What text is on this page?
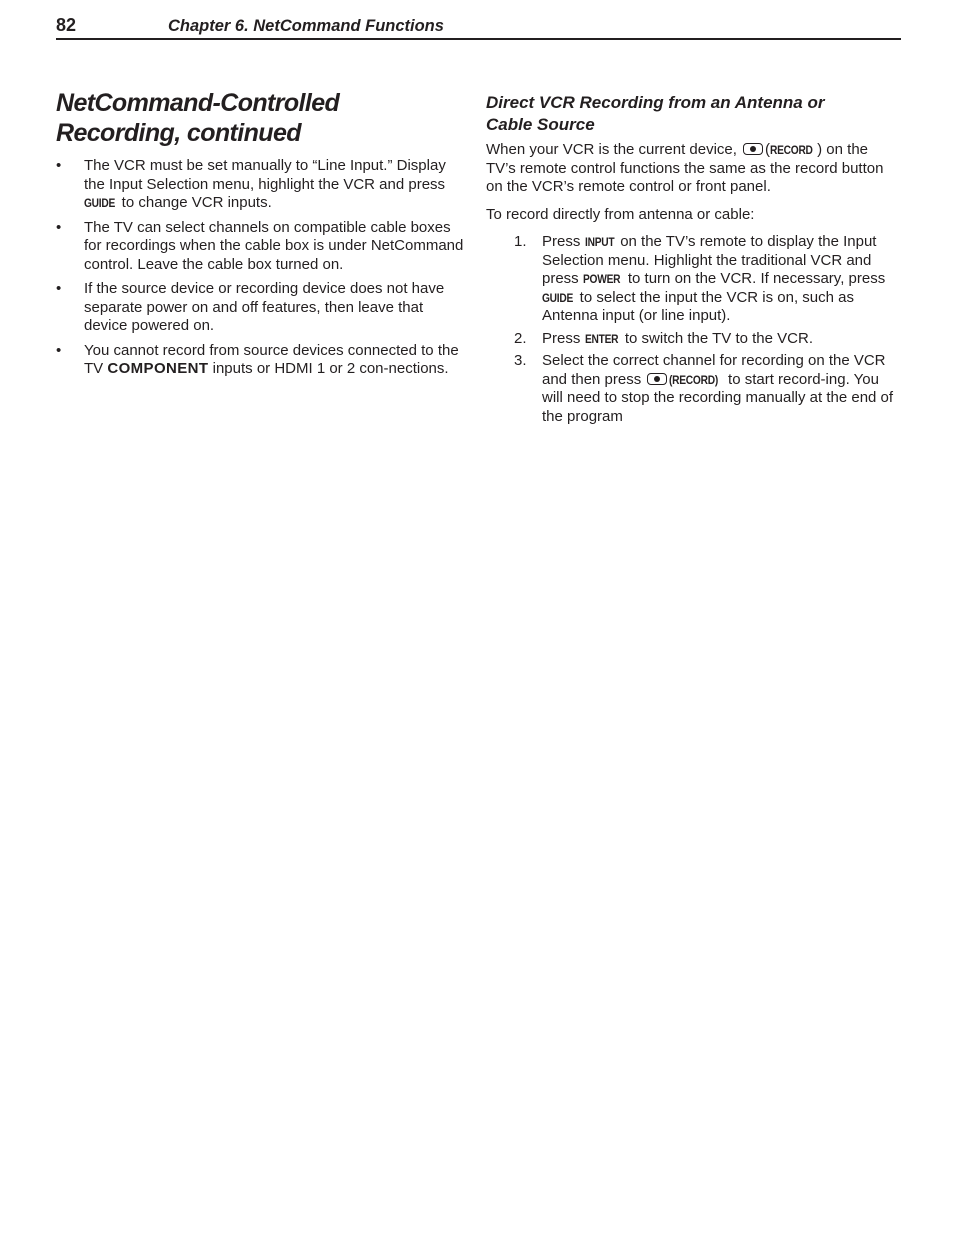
82	Chapter 6. NetCommand Functions
NetCommand-Controlled
Recording, continued
• The VCR must be set manually to “Line Input.” Display the Input Selection menu, highlight the VCR and press GUIDE to change VCR inputs.
• The TV can select channels on compatible cable boxes for recordings when the cable box is under NetCommand control. Leave the cable box turned on.
• If the source device or recording device does not have separate power on and off features, then leave that device powered on.
• You cannot record from source devices connected to the TV COMPONENT inputs or HDMI 1 or 2 con-nections.
Direct VCR Recording from an Antenna or
Cable Source

When your VCR is the current device, (RECORD ) on the TV’s remote control functions the same as the record button on the VCR’s remote control or front panel.

To record directly from antenna or cable:

1. Press INPUT on the TV’s remote to display the Input Selection menu. Highlight the traditional VCR and press POWER to turn on the VCR. If necessary, press GUIDE to select the input the VCR is on, such as Antenna input (or line input).
2. Press ENTER to switch the TV to the VCR.
3. Select the correct channel for recording on the VCR and then press (RECORD) to start record-ing. You will need to stop the recording manually at the end of the program
